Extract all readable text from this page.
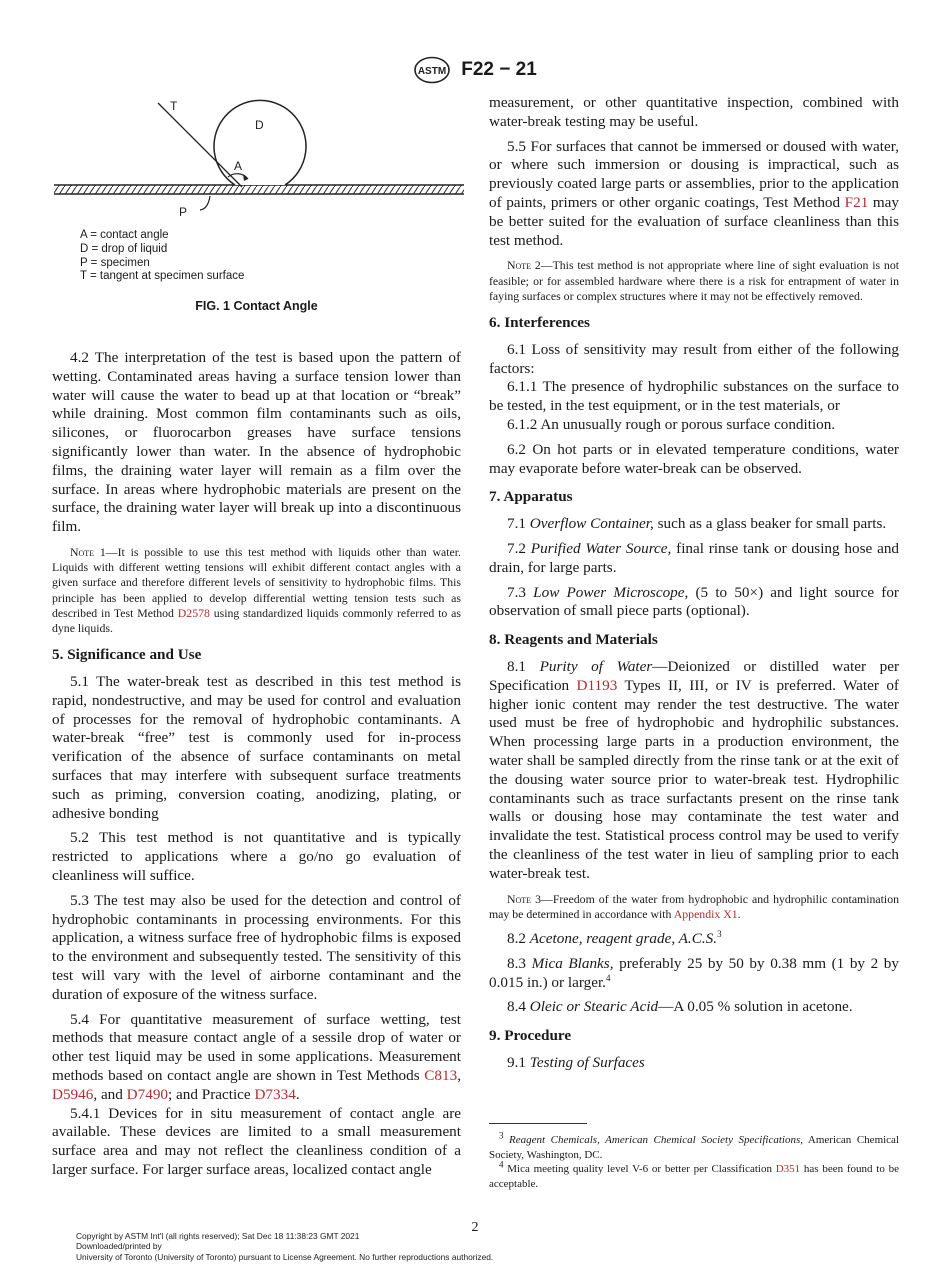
ASTM F22 − 21
T
D
A
P
A = contact angle
D = drop of liquid
P = specimen
T = tangent at specimen surface
FIG. 1 Contact Angle

4.2 The interpretation of the test is based upon the pattern of wetting. Contaminated areas having a surface tension lower than water will cause the water to bead up at that location or “break” while draining. Most common film contaminants such as oils, silicones, or fluorocarbon greases have surface tensions significantly lower than water. In the absence of hydrophobic films, the draining water layer will remain as a film over the surface. In areas where hydrophobic materials are present on the surface, the draining water layer will break up into a discontinuous film.

Note 1—It is possible to use this test method with liquids other than water. Liquids with different wetting tensions will exhibit different contact angles with a given surface and therefore different levels of sensitivity to hydrophobic films. This principle has been applied to develop differential wetting tension tests such as described in Test Method D2578 using standardized liquids commonly referred to as dyne liquids.

5. Significance and Use

5.1 The water-break test as described in this test method is rapid, nondestructive, and may be used for control and evaluation of processes for the removal of hydrophobic contaminants. A water-break “free” test is commonly used for in-process verification of the absence of surface contaminants on metal surfaces that may interfere with subsequent surface treatments such as priming, conversion coating, anodizing, plating, or adhesive bonding

5.2 This test method is not quantitative and is typically restricted to applications where a go/no go evaluation of cleanliness will suffice.

5.3 The test may also be used for the detection and control of hydrophobic contaminants in processing environments. For this application, a witness surface free of hydrophobic films is exposed to the environment and subsequently tested. The sensitivity of this test will vary with the level of airborne contaminant and the duration of exposure of the witness surface.

5.4 For quantitative measurement of surface wetting, test methods that measure contact angle of a sessile drop of water or other test liquid may be used in some applications. Measurement methods based on contact angle are shown in Test Methods C813, D5946, and D7490; and Practice D7334.

5.4.1 Devices for in situ measurement of contact angle are available. These devices are limited to a small measurement surface area and may not reflect the cleanliness condition of a larger surface. For larger surface areas, localized contact angle

measurement, or other quantitative inspection, combined with water-break testing may be useful.

5.5 For surfaces that cannot be immersed or doused with water, or where such immersion or dousing is impractical, such as previously coated large parts or assemblies, prior to the application of paints, primers or other organic coatings, Test Method F21 may be better suited for the evaluation of surface cleanliness than this test method.

Note 2—This test method is not appropriate where line of sight evaluation is not feasible; or for assembled hardware where there is a risk for entrapment of water in faying surfaces or complex structures where it may not be effectively removed.

6. Interferences

6.1 Loss of sensitivity may result from either of the following factors:

6.1.1 The presence of hydrophilic substances on the surface to be tested, in the test equipment, or in the test materials, or

6.1.2 An unusually rough or porous surface condition.

6.2 On hot parts or in elevated temperature conditions, water may evaporate before water-break can be observed.

7. Apparatus

7.1 Overflow Container, such as a glass beaker for small parts.

7.2 Purified Water Source, final rinse tank or dousing hose and drain, for large parts.

7.3 Low Power Microscope, (5 to 50×) and light source for observation of small piece parts (optional).

8. Reagents and Materials

8.1 Purity of Water—Deionized or distilled water per Specification D1193 Types II, III, or IV is preferred. Water of higher ionic content may render the test destructive. The water used must be free of hydrophobic and hydrophilic substances. When processing large parts in a production environment, the water shall be sampled directly from the rinse tank or at the exit of the dousing water source prior to water-break test. Hydrophilic contaminants such as trace surfactants present on the rinse tank walls or dousing hose may contaminate the test water and invalidate the test. Statistical process control may be used to verify the cleanliness of the test water in lieu of sampling prior to each water-break test.

Note 3—Freedom of the water from hydrophobic and hydrophilic contamination may be determined in accordance with Appendix X1.

8.2 Acetone, reagent grade, A.C.S.$^3$

8.3 Mica Blanks, preferably 25 by 50 by 0.38 mm (1 by 2 by 0.015 in.) or larger.$^4$

8.4 Oleic or Stearic Acid—A 0.05 % solution in acetone.

9. Procedure

9.1 Testing of Surfaces

$^3$ Reagent Chemicals, American Chemical Society Specifications, American Chemical Society, Washington, DC.

$^4$ Mica meeting quality level V-6 or better per Classification D351 has been found to be acceptable.

2
Copyright by ASTM Int'l (all rights reserved); Sat Dec 18 11:38:23 GMT 2021
Downloaded/printed by
University of Toronto (University of Toronto) pursuant to License Agreement. No further reproductions authorized.
